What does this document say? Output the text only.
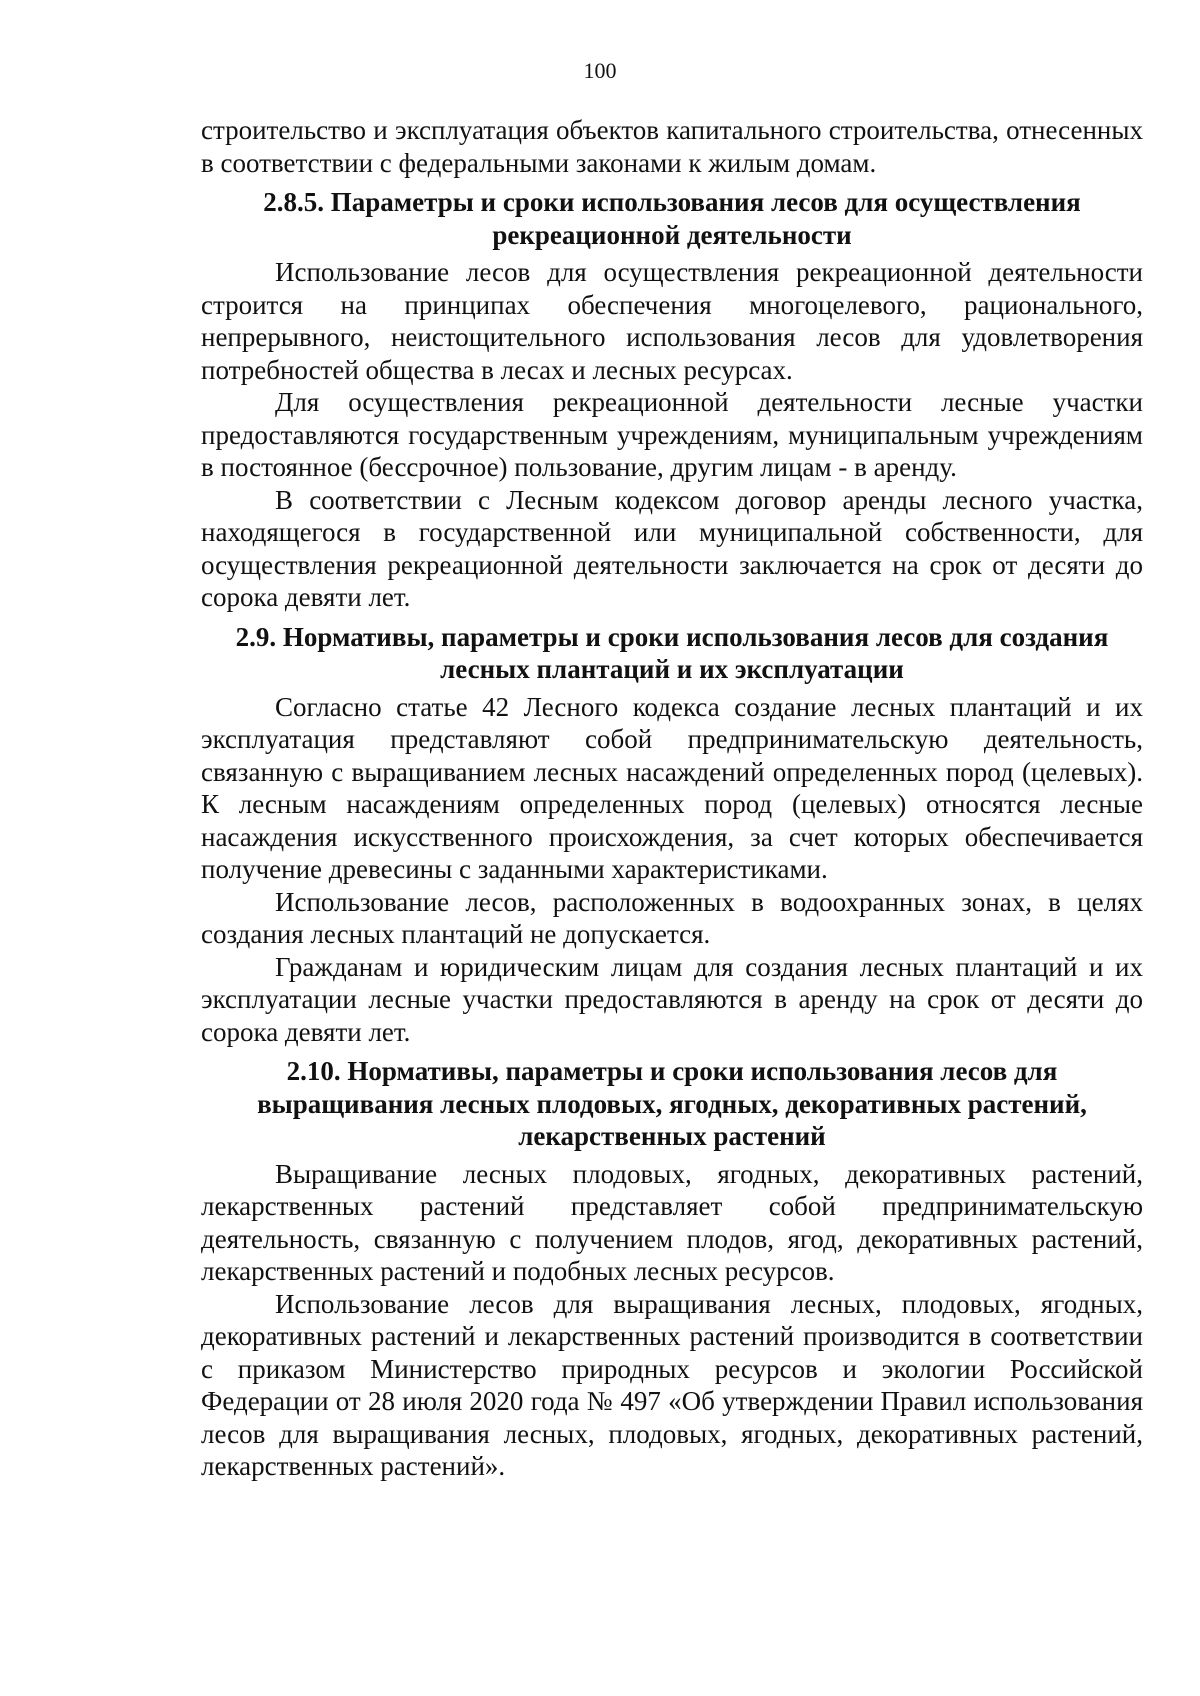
100

строительство и эксплуатация объектов капитального строительства, отнесенных в соответствии с федеральными законами к жилым домам.

2.8.5. Параметры и сроки использования лесов для осуществления рекреационной деятельности

Использование лесов для осуществления рекреационной деятельности строится на принципах обеспечения многоцелевого, рационального, непрерывного, неистощительного использования лесов для удовлетворения потребностей общества в лесах и лесных ресурсах.

Для осуществления рекреационной деятельности лесные участки предоставляются государственным учреждениям, муниципальным учреждениям в постоянное (бессрочное) пользование, другим лицам - в аренду.

В соответствии с Лесным кодексом договор аренды лесного участка, находящегося в государственной или муниципальной собственности, для осуществления рекреационной деятельности заключается на срок от десяти до сорока девяти лет.

2.9. Нормативы, параметры и сроки использования лесов для создания лесных плантаций и их эксплуатации

Согласно статье 42 Лесного кодекса создание лесных плантаций и их эксплуатация представляют собой предпринимательскую деятельность, связанную с выращиванием лесных насаждений определенных пород (целевых). К лесным насаждениям определенных пород (целевых) относятся лесные насаждения искусственного происхождения, за счет которых обеспечивается получение древесины с заданными характеристиками.

Использование лесов, расположенных в водоохранных зонах, в целях создания лесных плантаций не допускается.

Гражданам и юридическим лицам для создания лесных плантаций и их эксплуатации лесные участки предоставляются в аренду на срок от десяти до сорока девяти лет.

2.10. Нормативы, параметры и сроки использования лесов для выращивания лесных плодовых, ягодных, декоративных растений, лекарственных растений

Выращивание лесных плодовых, ягодных, декоративных растений, лекарственных растений представляет собой предпринимательскую деятельность, связанную с получением плодов, ягод, декоративных растений, лекарственных растений и подобных лесных ресурсов.

Использование лесов для выращивания лесных, плодовых, ягодных, декоративных растений и лекарственных растений производится в соответствии с приказом Министерство природных ресурсов и экологии Российской Федерации от 28 июля 2020 года № 497 «Об утверждении Правил использования лесов для выращивания лесных, плодовых, ягодных, декоративных растений, лекарственных растений».
